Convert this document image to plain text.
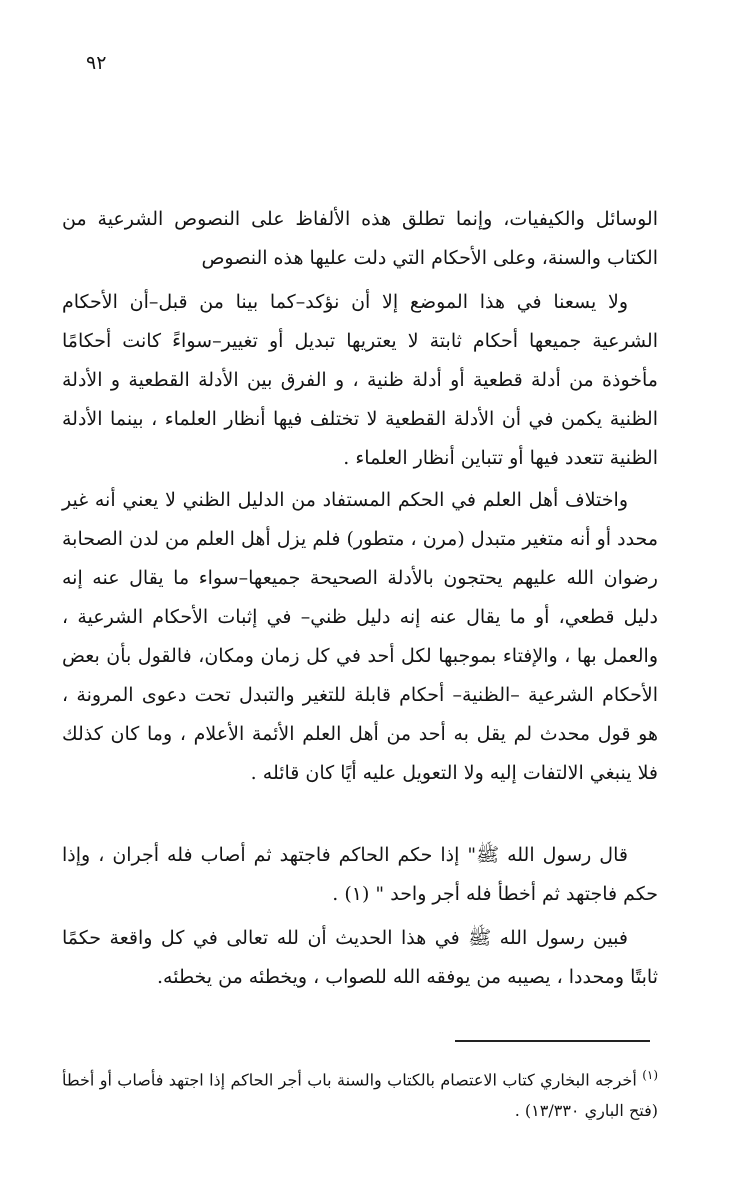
٩٢

الوسائل والكيفيات، وإنما تطلق هذه الألفاظ على النصوص الشرعية من الكتاب والسنة، وعلى الأحكام التي دلت عليها هذه النصوص

ولا يسعنا في هذا الموضع إلا أن نؤكد–كما بينا من قبل–أن الأحكام الشرعية جميعها أحكام ثابتة لا يعتريها تبديل أو تغيير–سواءً كانت أحكامًا مأخوذة من أدلة قطعية أو أدلة ظنية ، و الفرق بين الأدلة القطعية و الأدلة الظنية يكمن في أن الأدلة القطعية لا تختلف فيها أنظار العلماء ، بينما الأدلة الظنية تتعدد فيها أو تتباين أنظار العلماء .

واختلاف أهل العلم في الحكم المستفاد من الدليل الظني لا يعني أنه غير محدد أو أنه متغير متبدل (مرن ، متطور) فلم يزل أهل العلم من لدن الصحابة رضوان الله عليهم يحتجون بالأدلة الصحيحة جميعها–سواء ما يقال عنه إنه دليل قطعي، أو ما يقال عنه إنه دليل ظني– في إثبات الأحكام الشرعية ، والعمل بها ، والإفتاء بموجبها لكل أحد في كل زمان ومكان، فالقول بأن بعض الأحكام الشرعية –الظنية– أحكام قابلة للتغير والتبدل تحت دعوى المرونة ، هو قول محدث لم يقل به أحد من أهل العلم الأئمة الأعلام ، وما كان كذلك فلا ينبغي الالتفات إليه ولا التعويل عليه أيًا كان قائله .

قال رسول الله ﷺ" إذا حكم الحاكم فاجتهد ثم أصاب فله أجران ، وإذا حكم فاجتهد ثم أخطأ فله أجر واحد " (١) .

فبين رسول الله ﷺ في هذا الحديث أن لله تعالى في كل واقعة حكمًا ثابتًا ومحددا ، يصيبه من يوفقه الله للصواب ، ويخطئه من يخطئه.

$^{(١)}$ أخرجه البخاري كتاب الاعتصام بالكتاب والسنة باب أجر الحاكم إذا اجتهد فأصاب أو أخطأ (فتح الباري ١٣/٣٣٠) .
